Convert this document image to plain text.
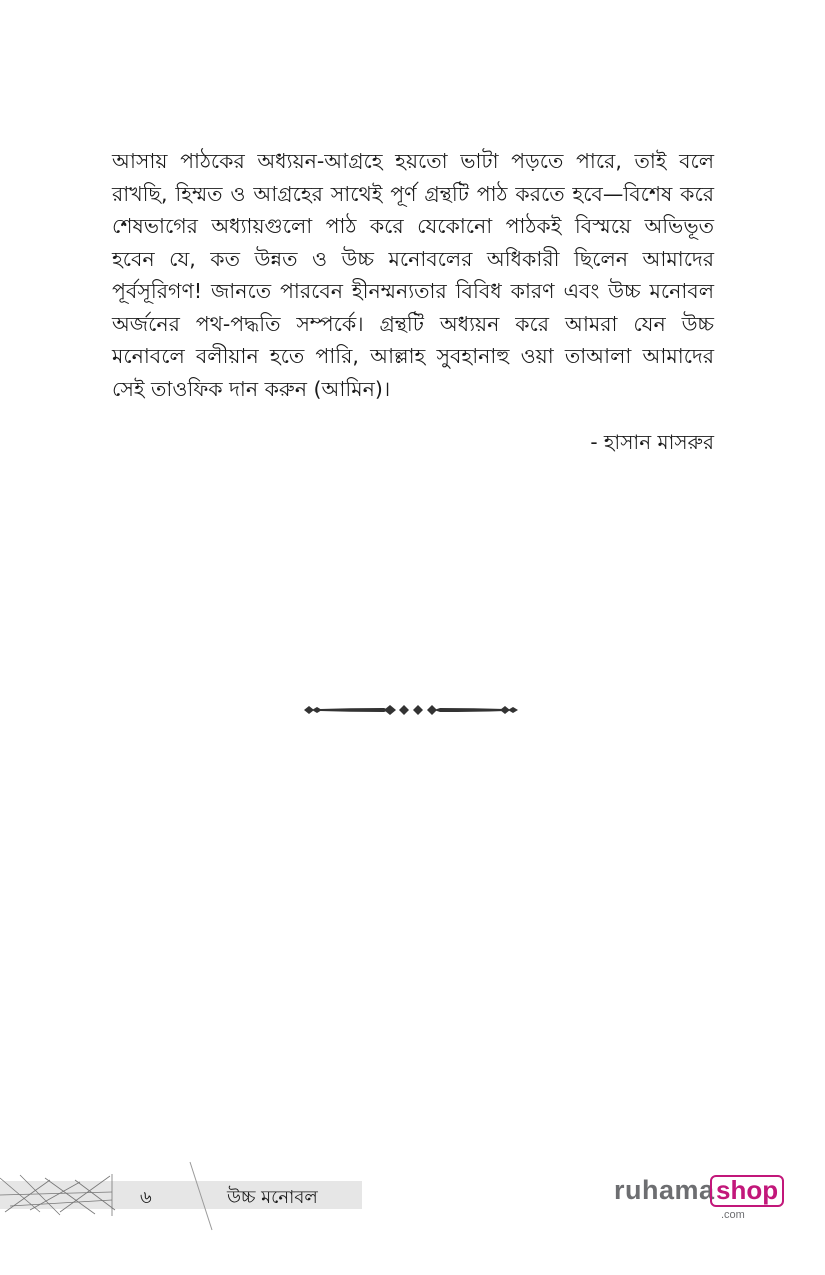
আসায় পাঠকের অধ্যয়ন-আগ্রহে হয়তো ভাটা পড়তে পারে, তাই বলে রাখছি, হিম্মত ও আগ্রহের সাথেই পূর্ণ গ্রন্থটি পাঠ করতে হবে—বিশেষ করে শেষভাগের অধ্যায়গুলো পাঠ করে যেকোনো পাঠকই বিস্ময়ে অভিভূত হবেন যে, কত উন্নত ও উচ্চ মনোবলের অধিকারী ছিলেন আমাদের পূর্বসূরিগণ! জানতে পারবেন হীনম্মন্যতার বিবিধ কারণ এবং উচ্চ মনোবল অর্জনের পথ-পদ্ধতি সম্পর্কে। গ্রন্থটি অধ্যয়ন করে আমরা যেন উচ্চ মনোবলে বলীয়ান হতে পারি, আল্লাহ সুবহানাহু ওয়া তাআলা আমাদের সেই তাওফিক দান করুন (আমিন)।

- হাসান মাসরুর
৬	উচ্চ মনোবল	ruhama shop
.com
